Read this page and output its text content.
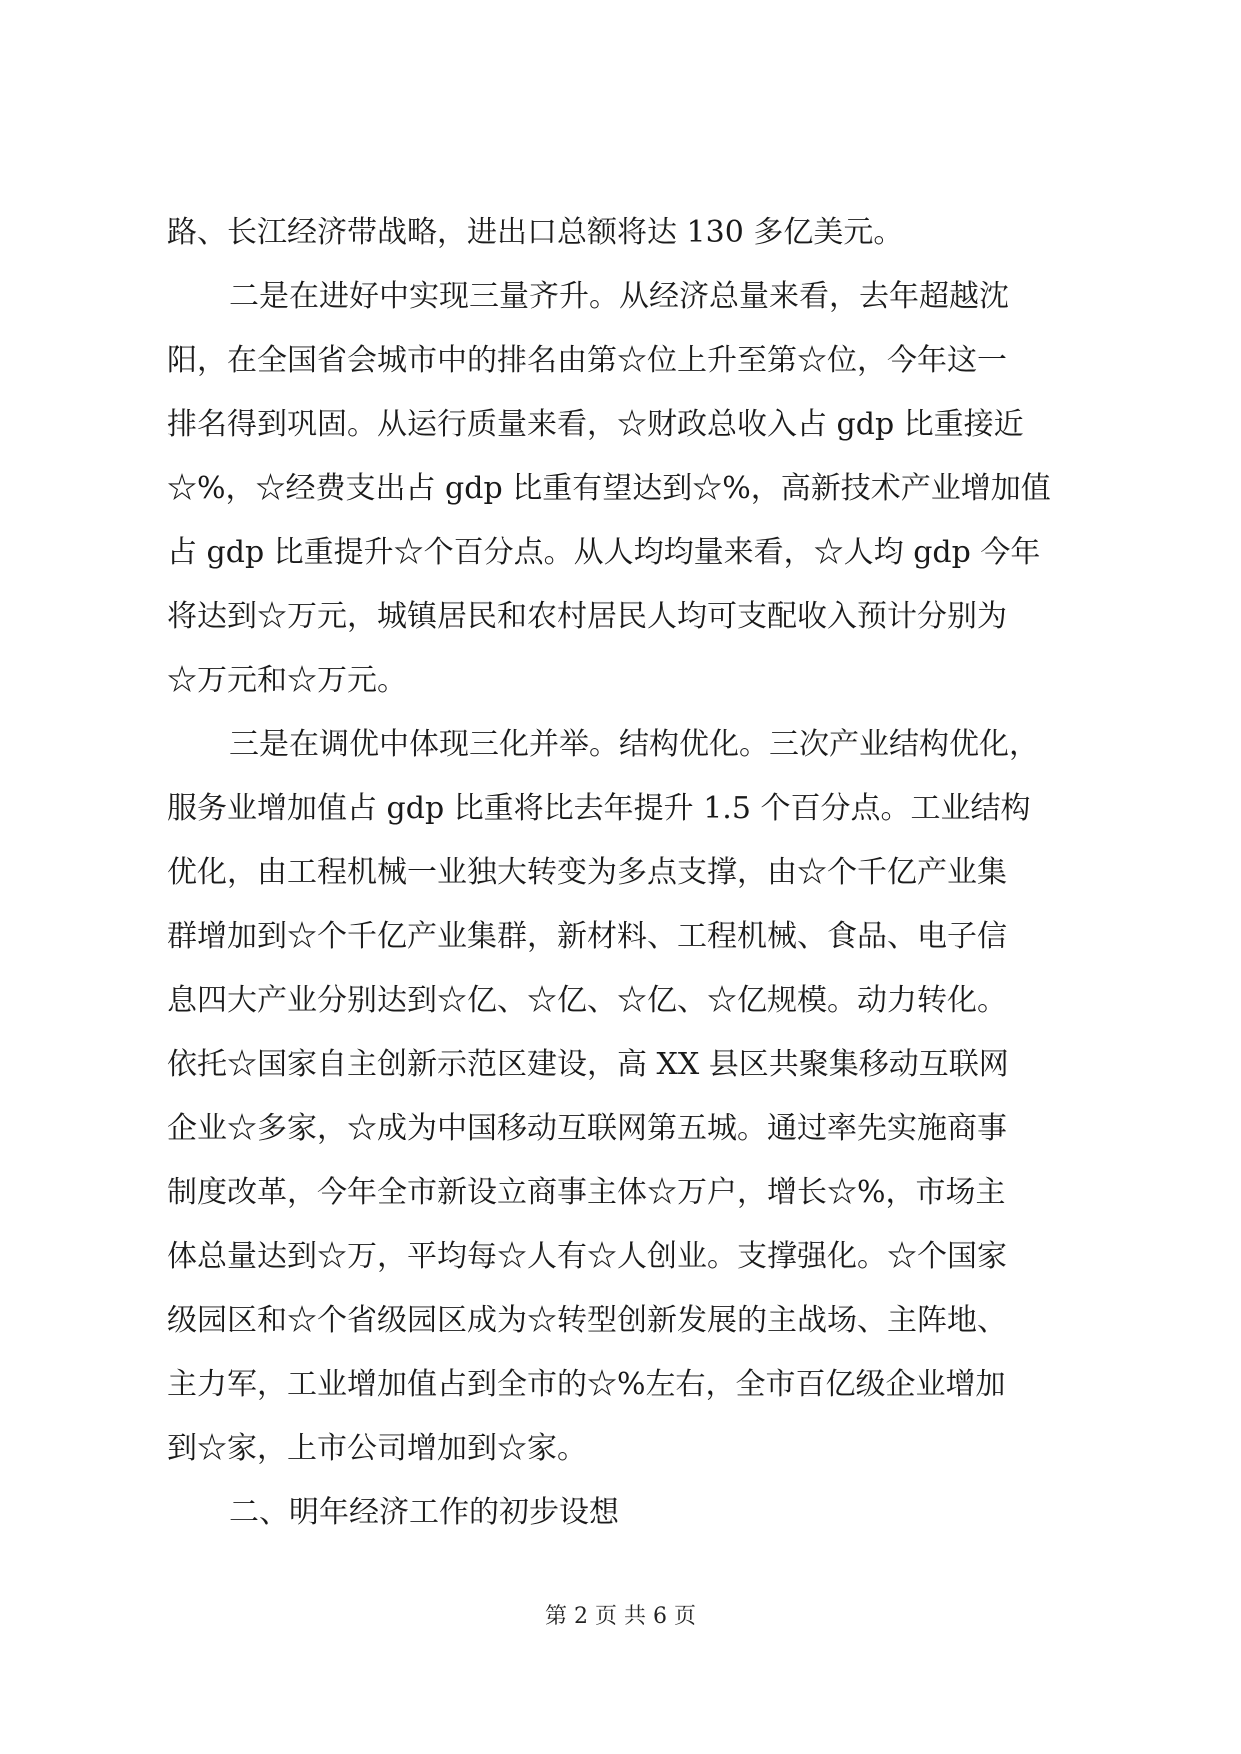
路、长江经济带战略，进出口总额将达 130 多亿美元。
二是在进好中实现三量齐升。从经济总量来看，去年超越沈
阳，在全国省会城市中的排名由第☆位上升至第☆位，今年这一
排名得到巩固。从运行质量来看，☆财政总收入占 gdp 比重接近
☆%，☆经费支出占 gdp 比重有望达到☆%，高新技术产业增加值
占 gdp 比重提升☆个百分点。从人均均量来看，☆人均 gdp 今年
将达到☆万元，城镇居民和农村居民人均可支配收入预计分别为
☆万元和☆万元。
三是在调优中体现三化并举。结构优化。三次产业结构优化，
服务业增加值占 gdp 比重将比去年提升 1.5 个百分点。工业结构
优化，由工程机械一业独大转变为多点支撑，由☆个千亿产业集
群增加到☆个千亿产业集群，新材料、工程机械、食品、电子信
息四大产业分别达到☆亿、☆亿、☆亿、☆亿规模。动力转化。
依托☆国家自主创新示范区建设，高 XX 县区共聚集移动互联网
企业☆多家，☆成为中国移动互联网第五城。通过率先实施商事
制度改革，今年全市新设立商事主体☆万户，增长☆%，市场主
体总量达到☆万，平均每☆人有☆人创业。支撑强化。☆个国家
级园区和☆个省级园区成为☆转型创新发展的主战场、主阵地、
主力军，工业增加值占到全市的☆%左右，全市百亿级企业增加
到☆家，上市公司增加到☆家。
二、明年经济工作的初步设想
第 2 页 共 6 页
